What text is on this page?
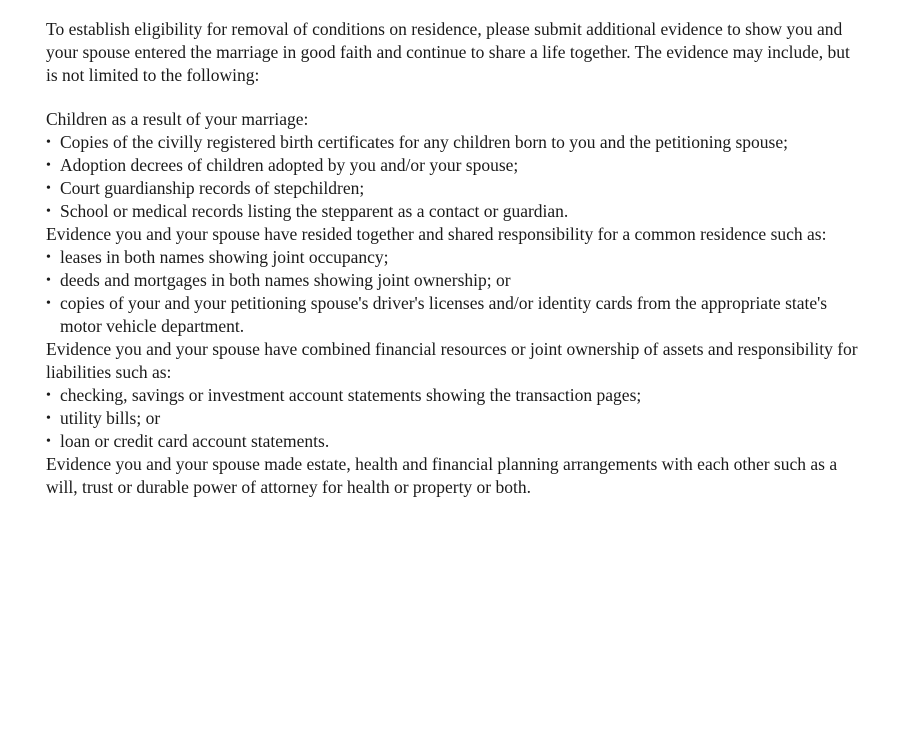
To establish eligibility for removal of conditions on residence, please submit additional evidence to show you and your spouse entered the marriage in good faith and continue to share a life together. The evidence may include, but is not limited to the following:

Children as a result of your marriage:

• Copies of the civilly registered birth certificates for any children born to you and the petitioning spouse;
• Adoption decrees of children adopted by you and/or your spouse;
• Court guardianship records of stepchildren;
• School or medical records listing the stepparent as a contact or guardian.

Evidence you and your spouse have resided together and shared responsibility for a common residence such as:

• leases in both names showing joint occupancy;
• deeds and mortgages in both names showing joint ownership; or
• copies of your and your petitioning spouse's driver's licenses and/or identity cards from the appropriate state's motor vehicle department.

Evidence you and your spouse have combined financial resources or joint ownership of assets and responsibility for liabilities such as:

• checking, savings or investment account statements showing the transaction pages;
• utility bills; or
• loan or credit card account statements.

Evidence you and your spouse made estate, health and financial planning arrangements with each other such as a will, trust or durable power of attorney for health or property or both.
